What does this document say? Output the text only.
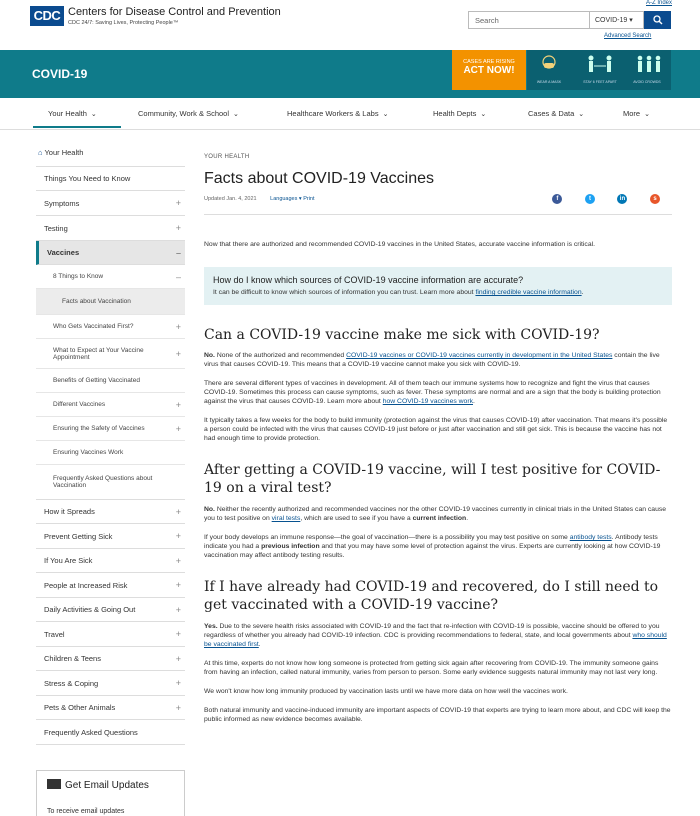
CDC Centers for Disease Control and Prevention
CDC 24/7: Saving Lives, Protecting People™
A-Z Index
Search	COVID-19 ▾
Advanced Search
COVID-19
CASES ARE RISING
ACT NOW!
WEAR A MASK	STAY 6 FEET APART	AVOID CROWDS
Your Health ⌄	Community, Work & School ⌄	Healthcare Workers & Labs ⌄	Health Depts ⌄	Cases & Data ⌄	More ⌄
⌂ Your Health
Things You Need to Know
Symptoms	+
Testing	+
Vaccines	–
8 Things to Know	–
Facts about Vaccination
Who Gets Vaccinated First?	+
What to Expect at Your Vaccine Appointment	+
Benefits of Getting Vaccinated
Different Vaccines	+
Ensuring the Safety of Vaccines	+
Ensuring Vaccines Work
Frequently Asked Questions about Vaccination
How it Spreads	+
Prevent Getting Sick	+
If You Are Sick	+
People at Increased Risk	+
Daily Activities & Going Out	+
Travel	+
Children & Teens	+
Stress & Coping	+
Pets & Other Animals	+
Frequently Asked Questions
Get Email Updates
To receive email updates
YOUR HEALTH
Facts about COVID-19 Vaccines
Updated Jan. 4, 2021 Languages ▾ Print	f	t	in	s

Now that there are authorized and recommended COVID-19 vaccines in the United States, accurate vaccine information is critical.

How do I know which sources of COVID-19 vaccine information are accurate?

It can be difficult to know which sources of information you can trust. Learn more about finding credible vaccine information.

Can a COVID-19 vaccine make me sick with COVID-19?

No. None of the authorized and recommended COVID-19 vaccines or COVID-19 vaccines currently in development in the United States contain the live virus that causes COVID-19. This means that a COVID-19 vaccine cannot make you sick with COVID-19.

There are several different types of vaccines in development. All of them teach our immune systems how to recognize and fight the virus that causes COVID-19. Sometimes this process can cause symptoms, such as fever. These symptoms are normal and are a sign that the body is building protection against the virus that causes COVID-19. Learn more about how COVID-19 vaccines work.

It typically takes a few weeks for the body to build immunity (protection against the virus that causes COVID-19) after vaccination. That means it's possible a person could be infected with the virus that causes COVID-19 just before or just after vaccination and still get sick. This is because the vaccine has not had enough time to provide protection.

After getting a COVID-19 vaccine, will I test positive for COVID-19 on a viral test?

No. Neither the recently authorized and recommended vaccines nor the other COVID-19 vaccines currently in clinical trials in the United States can cause you to test positive on viral tests, which are used to see if you have a current infection.

If your body develops an immune response—the goal of vaccination—there is a possibility you may test positive on some antibody tests. Antibody tests indicate you had a previous infection and that you may have some level of protection against the virus. Experts are currently looking at how COVID-19 vaccination may affect antibody testing results.

If I have already had COVID-19 and recovered, do I still need to get vaccinated with a COVID-19 vaccine?

Yes. Due to the severe health risks associated with COVID-19 and the fact that re-infection with COVID-19 is possible, vaccine should be offered to you regardless of whether you already had COVID-19 infection. CDC is providing recommendations to federal, state, and local governments about who should be vaccinated first.

At this time, experts do not know how long someone is protected from getting sick again after recovering from COVID-19. The immunity someone gains from having an infection, called natural immunity, varies from person to person. Some early evidence suggests natural immunity may not last very long.

We won't know how long immunity produced by vaccination lasts until we have more data on how well the vaccines work.

Both natural immunity and vaccine-induced immunity are important aspects of COVID-19 that experts are trying to learn more about, and CDC will keep the public informed as new evidence becomes available.
